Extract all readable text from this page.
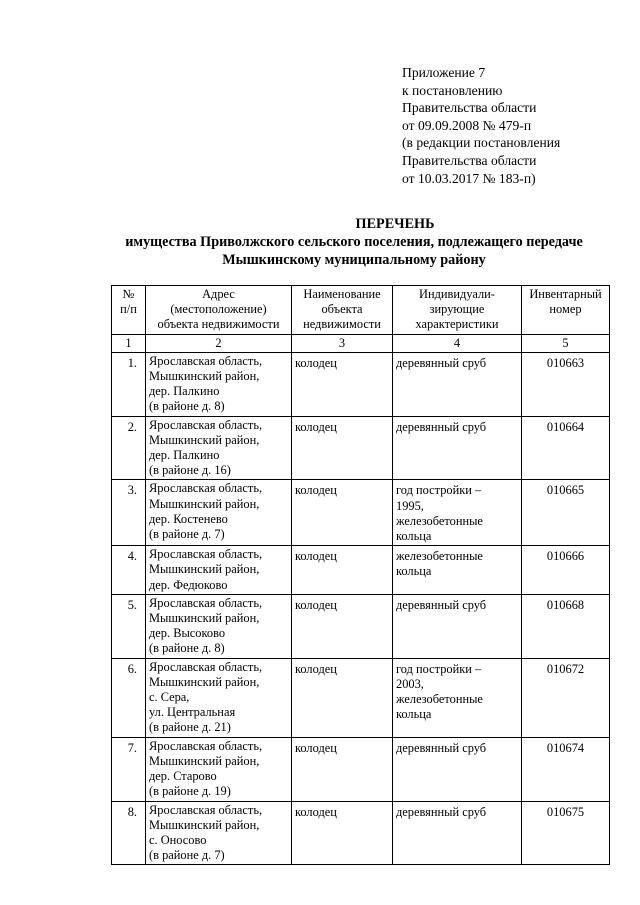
Приложение 7
к постановлению
Правительства области
от 09.09.2008 № 479-п
(в редакции постановления
Правительства области
от 10.03.2017 № 183-п)
ПЕРЕЧЕНЬ
имущества Приволжского сельского поселения, подлежащего передаче
Мышкинскому муниципальному району
№
п/п	Адрес
(местоположение)
объекта недвижимости	Наименование
объекта
недвижимости	Индивидуали-
зирующие
характеристики	Инвентарный
номер

1	2	3	4	5
1.	Ярославская область,
Мышкинский район,
дер. Палкино
(в районе д. 8)	колодец	деревянный сруб	010663
2.	Ярославская область,
Мышкинский район,
дер. Палкино
(в районе д. 16)	колодец	деревянный сруб	010664
3.	Ярославская область,
Мышкинский район,
дер. Костенево
(в районе д. 7)	колодец	год постройки –
1995,
железобетонные
кольца	010665
4.	Ярославская область,
Мышкинский район,
дер. Федюково	колодец	железобетонные
кольца	010666
5.	Ярославская область,
Мышкинский район,
дер. Высоково
(в районе д. 8)	колодец	деревянный сруб	010668
6.	Ярославская область,
Мышкинский район,
с. Сера,
ул. Центральная
(в районе д. 21)	колодец	год постройки –
2003,
железобетонные
кольца	010672
7.	Ярославская область,
Мышкинский район,
дер. Старово
(в районе д. 19)	колодец	деревянный сруб	010674
8.	Ярославская область,
Мышкинский район,
с. Оносово
(в районе д. 7)	колодец	деревянный сруб	010675
